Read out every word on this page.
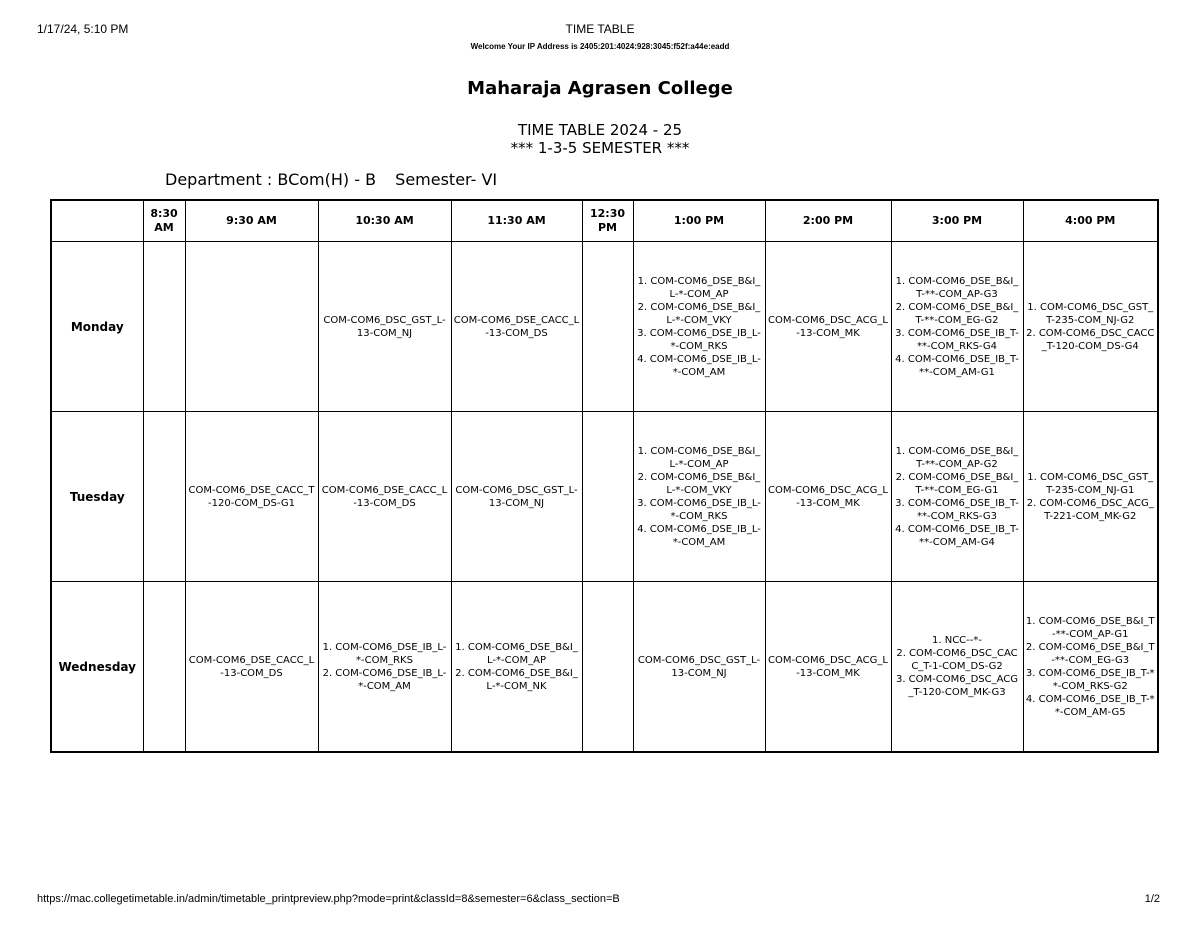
1/17/24, 5:10 PM	TIME TABLE
Welcome Your IP Address is 2405:201:4024:928:3045:f52f:a44e:eadd
Maharaja Agrasen College
TIME TABLE 2024 - 25
*** 1-3-5 SEMESTER ***
Department : BCom(H) - B Semester- VI
	8:30 AM	9:30 AM	10:30 AM	11:30 AM	12:30 PM	1:00 PM	2:00 PM	3:00 PM	4:00 PM
Monday			COM-COM6_DSC_GST_L-13-COM_NJ	COM-COM6_DSE_CACC_L-13-COM_DS		1. COM-COM6_DSE_B&I_L-*-COM_AP
2. COM-COM6_DSE_B&I_L-*-COM_VKY
3. COM-COM6_DSE_IB_L-*-COM_RKS
4. COM-COM6_DSE_IB_L-*-COM_AM	COM-COM6_DSC_ACG_L-13-COM_MK	1. COM-COM6_DSE_B&I_T-**-COM_AP-G3
2. COM-COM6_DSE_B&I_T-**-COM_EG-G2
3. COM-COM6_DSE_IB_T-**-COM_RKS-G4
4. COM-COM6_DSE_IB_T-**-COM_AM-G1	1. COM-COM6_DSC_GST_T-235-COM_NJ-G2
2. COM-COM6_DSC_CACC_T-120-COM_DS-G4

Tuesday		COM-COM6_DSE_CACC_T-120-COM_DS-G1	COM-COM6_DSE_CACC_L-13-COM_DS	COM-COM6_DSC_GST_L-13-COM_NJ		1. COM-COM6_DSE_B&I_L-*-COM_AP
2. COM-COM6_DSE_B&I_L-*-COM_VKY
3. COM-COM6_DSE_IB_L-*-COM_RKS
4. COM-COM6_DSE_IB_L-*-COM_AM	COM-COM6_DSC_ACG_L-13-COM_MK	1. COM-COM6_DSE_B&I_T-**-COM_AP-G2
2. COM-COM6_DSE_B&I_T-**-COM_EG-G1
3. COM-COM6_DSE_IB_T-**-COM_RKS-G3
4. COM-COM6_DSE_IB_T-**-COM_AM-G4	1. COM-COM6_DSC_GST_T-235-COM_NJ-G1
2. COM-COM6_DSC_ACG_T-221-COM_MK-G2

Wednesday		COM-COM6_DSE_CACC_L-13-COM_DS	1. COM-COM6_DSE_IB_L-*-COM_RKS
2. COM-COM6_DSE_IB_L-*-COM_AM	1. COM-COM6_DSE_B&I_L-*-COM_AP
2. COM-COM6_DSE_B&I_L-*-COM_NK		COM-COM6_DSC_GST_L-13-COM_NJ	COM-COM6_DSC_ACG_L-13-COM_MK	1. NCC--*-
2. COM-COM6_DSC_CACC_T-1-COM_DS-G2
3. COM-COM6_DSC_ACG_T-120-COM_MK-G3	1. COM-COM6_DSE_B&I_T-**-COM_AP-G1
2. COM-COM6_DSE_B&I_T-**-COM_EG-G3
3. COM-COM6_DSE_IB_T-**-COM_RKS-G2
4. COM-COM6_DSE_IB_T-**-COM_AM-G5
https://mac.collegetimetable.in/admin/timetable_printpreview.php?mode=print&classId=8&semester=6&class_section=B	1/2
